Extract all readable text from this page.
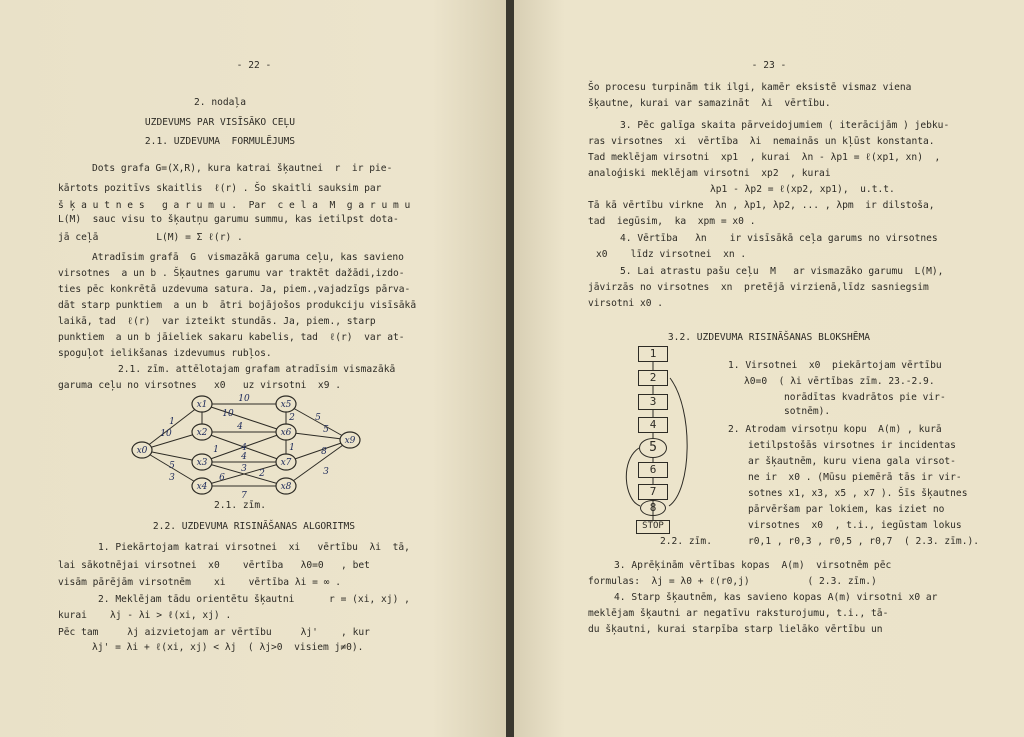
- 22 -
2. nodaļa
UZDEVUMS PAR VISĪSĀKO CEĻU
2.1. UZDEVUMA  FORMULĒJUMS
Dots grafa G=(X,R), kura katrai šķautnei  r  ir pie-
kārtots pozitīvs skaitlis  ℓ(r) . Šo skaitli sauksim par
š ķ a u t n e s   g a r u m u .  Par  c e l a  M  g a r u m u
L(M)  sauc visu to šķautņu garumu summu, kas ietilpst dota-
jā ceļā          L(M) = Σ ℓ(r) .
Atradīsim grafā  G  vismazākā garuma ceļu, kas savieno
virsotnes  a un b . Šķautnes garumu var traktēt dažādi,izdo-
ties pēc konkrētā uzdevuma satura. Ja, piem.,vajadzīgs pārva-
dāt starp punktiem  a un b  ātri bojājošos produkciju visīsākā
laikā, tad  ℓ(r)  var izteikt stundās. Ja, piem., starp
punktiem  a un b jāieliek sakaru kabelis, tad  ℓ(r)  var at-
spoguļot ielikšanas izdevumus rubļos.
2.1. zīm. attēlotajam grafam atradīsim vismazākā
garuma ceļu no virsotnes   x0   uz virsotni  x9 .
x0
x1
x2
x3
x4
x5
x6
x7
x8
x9
10
10
4
1	2 5
1
4
10
3
4
5	3
6
5
1	8
2
7
3
2.1. zīm.
2.2. UZDEVUMA RISINĀŠANAS ALGORITMS
1. Piekārtojam katrai virsotnei  xi   vērtību  λi  tā,
lai sākotnējai virsotnei  x0    vērtība   λ0=0   , bet
visām pārējām virsotnēm    xi    vērtība λi = ∞ .
2. Meklējam tādu orientētu šķautni      r = (xi, xj) ,
kurai    λj - λi > ℓ(xi, xj) .
Pēc tam     λj aizvietojam ar vērtību     λj'    , kur
λj' = λi + ℓ(xi, xj) < λj  ( λj>0  visiem j≠0).
- 23 -
Šo procesu turpinām tik ilgi, kamēr eksistē vismaz viena
šķautne, kurai var samazināt  λi  vērtību.
3. Pēc galīga skaita pārveidojumiem ( iterācijām ) jebku-
ras virsotnes  xi  vērtība  λi  nemainās un kļūst konstanta.
Tad meklējam virsotni  xp1  , kurai  λn - λp1 = ℓ(xp1, xn)  ,
analoģiski meklējam virsotni  xp2  , kurai
λp1 - λp2 = ℓ(xp2, xp1),  u.t.t.
Tā kā vērtību virkne  λn , λp1, λp2, ... , λpm  ir dilstoša,
tad  iegūsim,  ka  xpm = x0 .
4. Vērtība   λn    ir visīsākā ceļa garums no virsotnes
x0    līdz virsotnei  xn .
5. Lai atrastu pašu ceļu  M   ar vismazāko garumu  L(M),
jāvirzās no virsotnes  xn  pretējā virzienā,līdz sasniegsim
virsotni x0 .
3.2. UZDEVUMA RISINĀŠANAS BLOKSHĒMA
1
2
3
4
5
6
7
8
STOP
2.2. zīm.
1. Virsotnei  x0  piekārtojam vērtību
λ0=0  ( λi vērtības zīm. 23.-2.9.
norādītas kvadrātos pie vir-
sotnēm).
2. Atrodam virsotņu kopu  A(m) , kurā
ietilpstošās virsotnes ir incidentas
ar šķautnēm, kuru viena gala virsot-
ne ir  x0 . (Mūsu piemērā tās ir vir-
sotnes x1, x3, x5 , x7 ). Šīs šķautnes
pārvēršam par lokiem, kas iziet no
virsotnes  x0  , t.i., iegūstam lokus
r0,1 , r0,3 , r0,5 , r0,7  ( 2.3. zīm.).
3. Aprēķinām vērtības kopas  A(m)  virsotnēm pēc
formulas:  λj = λ0 + ℓ(r0,j)          ( 2.3. zīm.)
4. Starp šķautnēm, kas savieno kopas A(m) virsotni x0 ar
meklējam šķautni ar negatīvu raksturojumu, t.i., tā-
du šķautni, kurai starpība starp lielāko vērtību un
